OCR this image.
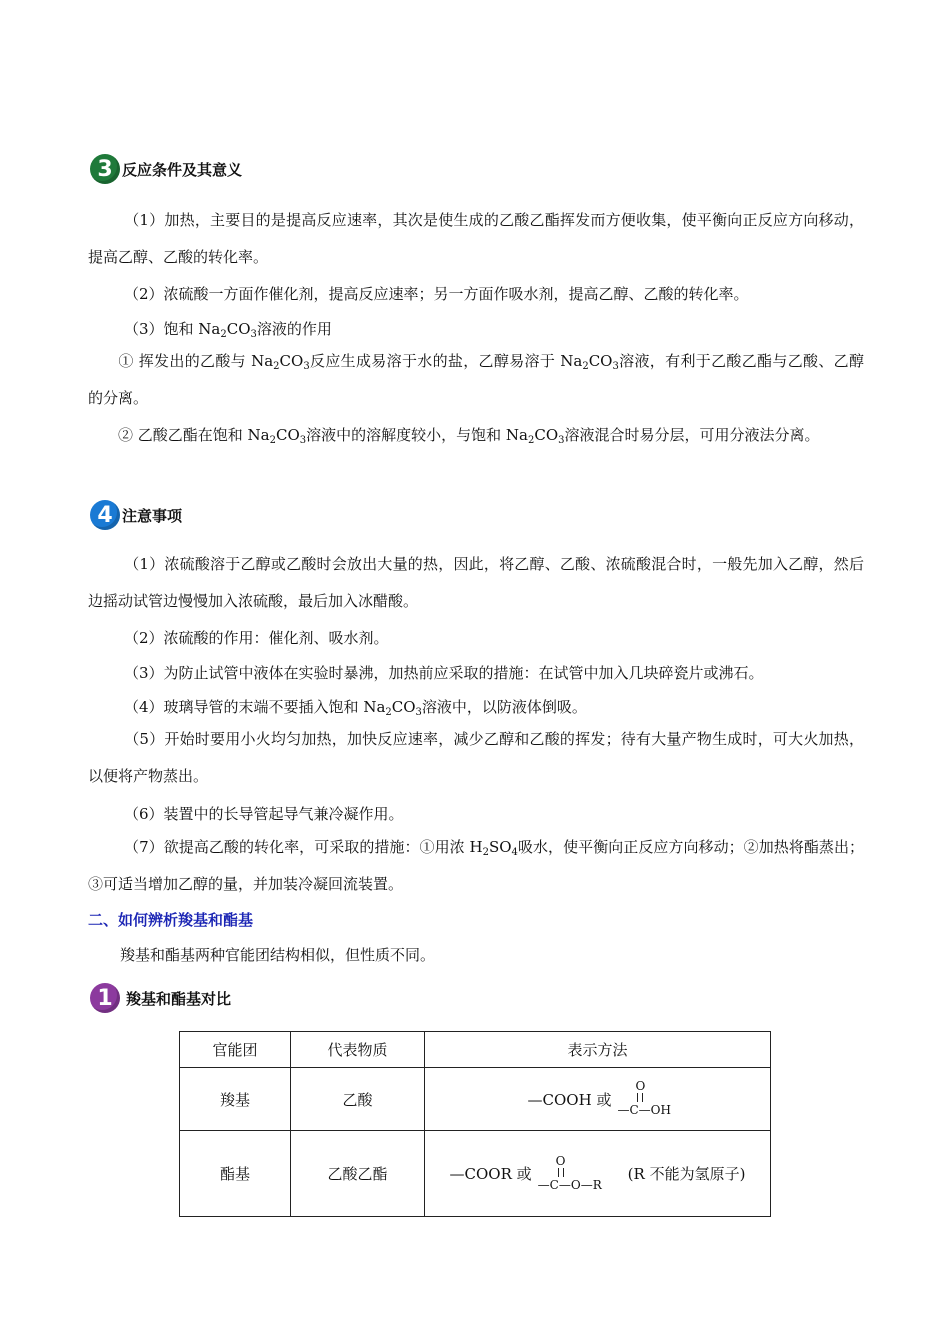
3 反应条件及其意义
（1）加热，主要目的是提高反应速率，其次是使生成的乙酸乙酯挥发而方便收集，使平衡向正反应方向移动，提高乙醇、乙酸的转化率。
（2）浓硫酸一方面作催化剂，提高反应速率；另一方面作吸水剂，提高乙醇、乙酸的转化率。
（3）饱和 $Na_2CO_3$溶液的作用
① 挥发出的乙酸与 $Na_2CO_3$反应生成易溶于水的盐，乙醇易溶于 $Na_2CO_3$溶液，有利于乙酸乙酯与乙酸、乙醇的分离。
② 乙酸乙酯在饱和 $Na_2CO_3$溶液中的溶解度较小，与饱和 $Na_2CO_3$溶液混合时易分层，可用分液法分离。
4 注意事项
（1）浓硫酸溶于乙醇或乙酸时会放出大量的热，因此，将乙醇、乙酸、浓硫酸混合时，一般先加入乙醇，然后边摇动试管边慢慢加入浓硫酸，最后加入冰醋酸。
（2）浓硫酸的作用：催化剂、吸水剂。
（3）为防止试管中液体在实验时暴沸，加热前应采取的措施：在试管中加入几块碎瓷片或沸石。
（4）玻璃导管的末端不要插入饱和 $Na_2CO_3$溶液中，以防液体倒吸。
（5）开始时要用小火均匀加热，加快反应速率，减少乙醇和乙酸的挥发；待有大量产物生成时，可大火加热，以便将产物蒸出。
（6）装置中的长导管起导气兼冷凝作用。
（7）欲提高乙酸的转化率，可采取的措施：①用浓 $H_2SO_4$吸水，使平衡向正反应方向移动；②加热将酯蒸出；③可适当增加乙醇的量，并加装冷凝回流装置。
二、如何辨析羧基和酯基
羧基和酯基两种官能团结构相似，但性质不同。
1 羧基和酯基对比
官能团	代表物质	表示方法
羧基	乙酸	—COOH 或
O
—C—OH

酯基	乙酸乙酯	—COOR 或
O
—C—O—R
(R 不能为氢原子)
